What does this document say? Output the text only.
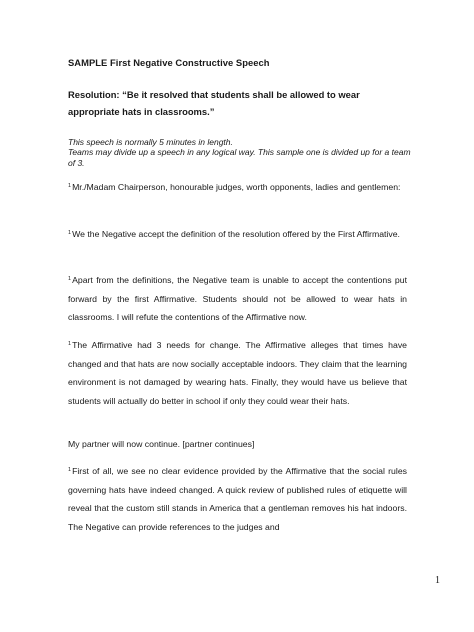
SAMPLE First Negative Constructive Speech
Resolution: “Be it resolved that students shall be allowed to wear appropriate hats in classrooms.”
This speech is normally 5 minutes in length.
Teams may divide up a speech in any logical way. This sample one is divided up for a team of 3.
$^1$Mr./Madam Chairperson, honourable judges, worth opponents, ladies and gentlemen:
$^1$We the Negative accept the definition of the resolution offered by the First Affirmative.
$^1$Apart from the definitions, the Negative team is unable to accept the contentions put forward by the first Affirmative. Students should not be allowed to wear hats in classrooms. I will refute the contentions of the Affirmative now.
$^1$The Affirmative had 3 needs for change. The Affirmative alleges that times have changed and that hats are now socially acceptable indoors. They claim that the learning environment is not damaged by wearing hats. Finally, they would have us believe that students will actually do better in school if only they could wear their hats.
My partner will now continue. [partner continues]
$^1$First of all, we see no clear evidence provided by the Affirmative that the social rules governing hats have indeed changed. A quick review of published rules of etiquette will reveal that the custom still stands in America that a gentleman removes his hat indoors. The Negative can provide references to the judges and
1
